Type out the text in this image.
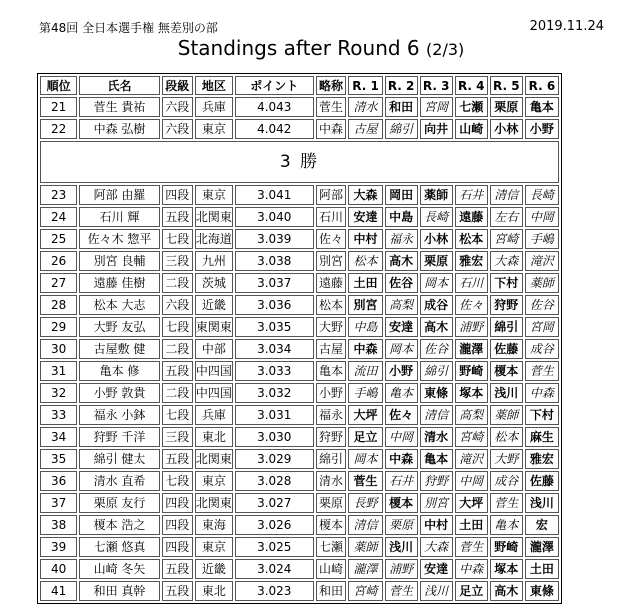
第48回 全日本選手権 無差別の部	2019.11.24
Standings after Round 6 (2/3)
順位	氏名	段級	地区	ポイント	略称	R. 1	R. 2	R. 3	R. 4	R. 5	R. 6
21	菅生 貴祐	六段	兵庫	4.043	菅生	清水	和田	宮岡	七瀬	栗原	亀本
22	中森 弘樹	六段	東京	4.042	中森	古屋	綿引	向井	山崎	小林	小野
3 勝											
23	阿部 由羅	四段	東京	3.041	阿部	大森	岡田	薬師	石井	清信	長崎
24	石川 輝	五段	北関東	3.040	石川	安達	中島	長崎	遠藤	左右	中岡
25	佐々木 惣平	七段	北海道	3.039	佐々	中村	福永	小林	松本	宮崎	手嶋
26	別宮 良輔	三段	九州	3.038	別宮	松本	高木	栗原	雅宏	大森	滝沢
27	遠藤 佳樹	二段	茨城	3.037	遠藤	土田	佐谷	岡本	石川	下村	薬師
28	松本 大志	六段	近畿	3.036	松本	別宮	高梨	成谷	佐々	狩野	佐谷
29	大野 友弘	七段	東関東	3.035	大野	中島	安達	高木	浦野	綿引	宮岡
30	古屋敷 健	二段	中部	3.034	古屋	中森	岡本	佐谷	瀧澤	佐藤	成谷
31	亀本 修	五段	中四国	3.033	亀本	流田	小野	綿引	野崎	榎本	菅生
32	小野 敦貴	二段	中四国	3.032	小野	手嶋	亀本	東條	塚本	浅川	中森
33	福永 小鉢	七段	兵庫	3.031	福永	大坪	佐々	清信	高梨	薬師	下村
34	狩野 千洋	三段	東北	3.030	狩野	足立	中岡	清水	宮崎	松本	麻生
35	綿引 健太	五段	北関東	3.029	綿引	岡本	中森	亀本	滝沢	大野	雅宏
36	清水 直希	七段	東京	3.028	清水	菅生	石井	狩野	中岡	成谷	佐藤
37	栗原 友行	四段	北関東	3.027	栗原	長野	榎本	別宮	大坪	菅生	浅川
38	榎本 浩之	四段	東海	3.026	榎本	清信	栗原	中村	土田	亀本	宏
39	七瀬 悠真	四段	東京	3.025	七瀬	薬師	浅川	大森	菅生	野崎	瀧澤
40	山崎 冬矢	五段	近畿	3.024	山崎	瀧澤	浦野	安達	中森	塚本	土田
41	和田 真幹	五段	東北	3.023	和田	宮崎	菅生	浅川	足立	高木	東條
